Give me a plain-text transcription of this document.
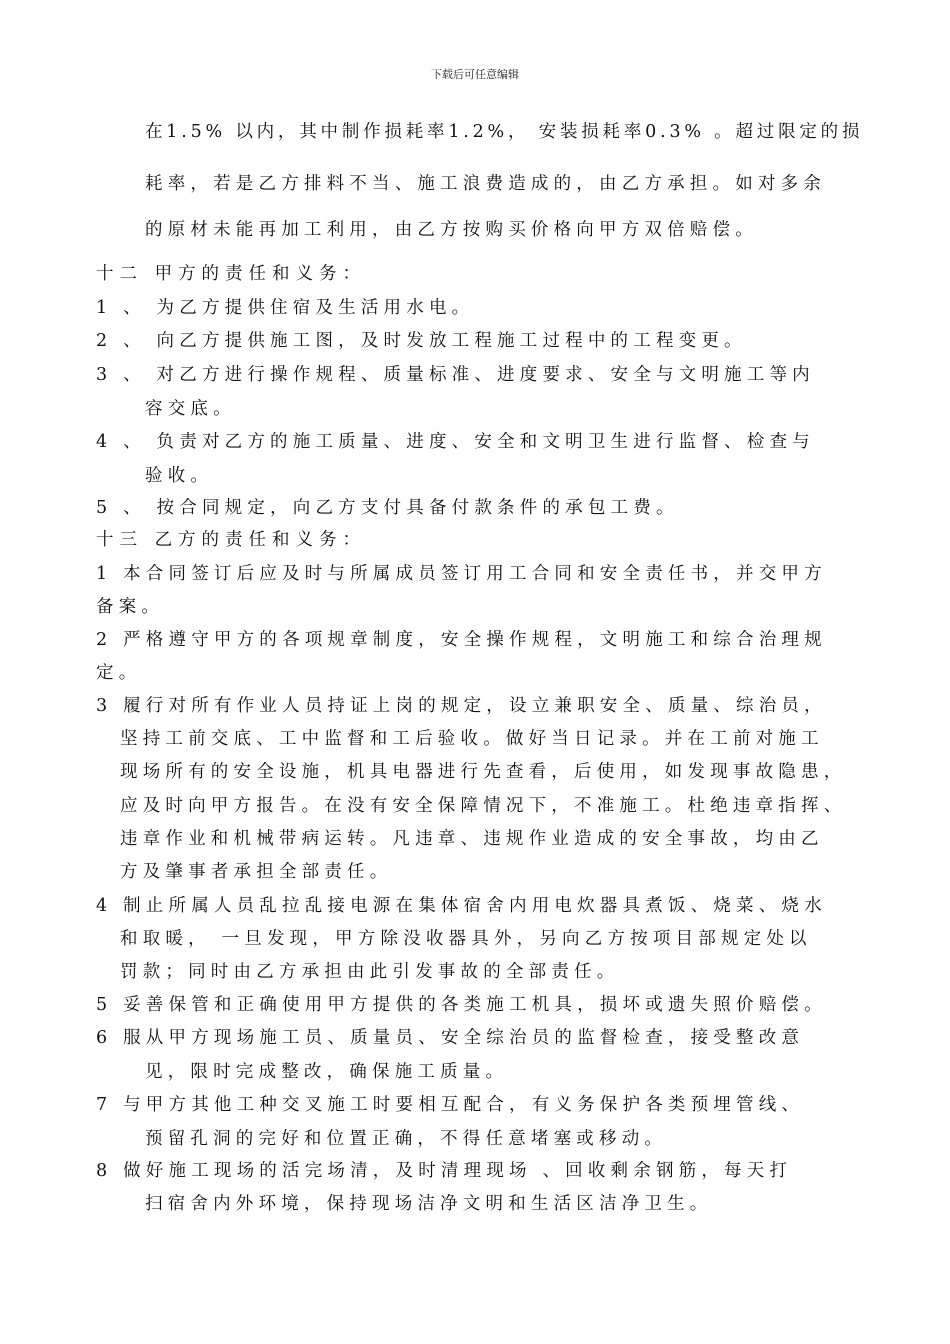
下载后可任意编辑
在1.5% 以内，其中制作损耗率1.2%， 安装损耗率0.3% 。超过限定的损
耗率，若是乙方排料不当、施工浪费造成的，由乙方承担。如对多余
的原材未能再加工利用，由乙方按购买价格向甲方双倍赔偿。
十二 甲方的责任和义务：
1 、 为乙方提供住宿及生活用水电。
2 、 向乙方提供施工图，及时发放工程施工过程中的工程变更。
3 、 对乙方进行操作规程、质量标准、进度要求、安全与文明施工等内
容交底。
4 、 负责对乙方的施工质量、进度、安全和文明卫生进行监督、检查与
验收。
5 、 按合同规定，向乙方支付具备付款条件的承包工费。
十三 乙方的责任和义务：
1 本合同签订后应及时与所属成员签订用工合同和安全责任书，并交甲方
备案。
2 严格遵守甲方的各项规章制度，安全操作规程，文明施工和综合治理规
定。
3 履行对所有作业人员持证上岗的规定，设立兼职安全、质量、综治员，
坚持工前交底、工中监督和工后验收。做好当日记录。并在工前对施工
现场所有的安全设施，机具电器进行先查看，后使用，如发现事故隐患，
应及时向甲方报告。在没有安全保障情况下，不准施工。杜绝违章指挥、
违章作业和机械带病运转。凡违章、违规作业造成的安全事故，均由乙
方及肇事者承担全部责任。
4 制止所属人员乱拉乱接电源在集体宿舍内用电炊器具煮饭、烧菜、烧水
和取暖， 一旦发现，甲方除没收器具外，另向乙方按项目部规定处以
罚款；同时由乙方承担由此引发事故的全部责任。
5 妥善保管和正确使用甲方提供的各类施工机具，损坏或遗失照价赔偿。
6 服从甲方现场施工员、质量员、安全综治员的监督检查，接受整改意
见，限时完成整改，确保施工质量。
7 与甲方其他工种交叉施工时要相互配合，有义务保护各类预埋管线、
预留孔洞的完好和位置正确，不得任意堵塞或移动。
8 做好施工现场的活完场清，及时清理现场 、回收剩余钢筋，每天打
扫宿舍内外环境，保持现场洁净文明和生活区洁净卫生。
